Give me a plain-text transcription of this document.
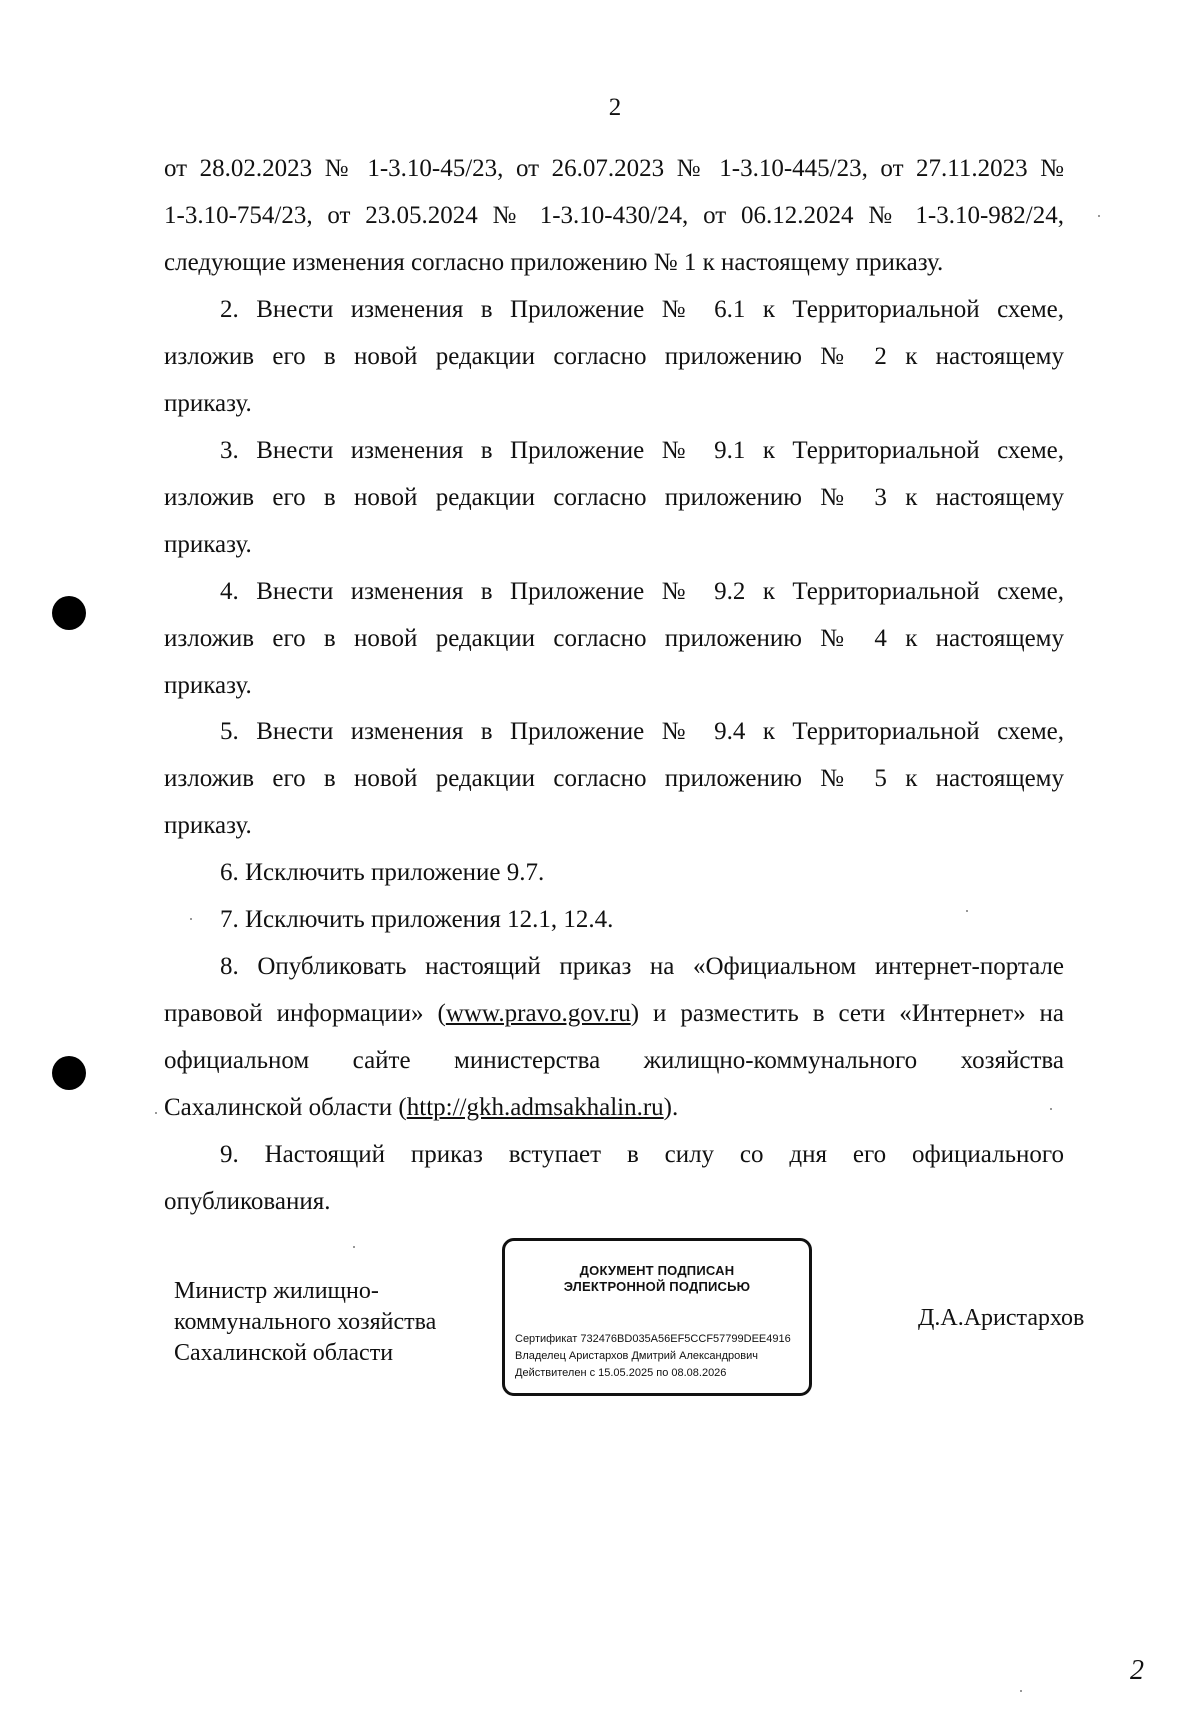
2
от 28.02.2023 № 1-3.10-45/23, от 26.07.2023 № 1-3.10-445/23, от 27.11.2023 №
1-3.10-754/23, от 23.05.2024 № 1-3.10-430/24, от 06.12.2024 № 1-3.10-982/24,
следующие изменения согласно приложению № 1 к настоящему приказу.
2. Внести изменения в Приложение № 6.1 к Территориальной схеме,
изложив его в новой редакции согласно приложению № 2 к настоящему
приказу.
3. Внести изменения в Приложение № 9.1 к Территориальной схеме,
изложив его в новой редакции согласно приложению № 3 к настоящему
приказу.
4. Внести изменения в Приложение № 9.2 к Территориальной схеме,
изложив его в новой редакции согласно приложению № 4 к настоящему
приказу.
5. Внести изменения в Приложение № 9.4 к Территориальной схеме,
изложив его в новой редакции согласно приложению № 5 к настоящему
приказу.
6. Исключить приложение 9.7.
7. Исключить приложения 12.1, 12.4.
8. Опубликовать настоящий приказ на «Официальном интернет-портале
правовой информации» (www.pravo.gov.ru) и разместить в сети «Интернет» на
официальном сайте министерства жилищно-коммунального хозяйства
Сахалинской области (http://gkh.admsakhalin.ru).
9. Настоящий приказ вступает в силу со дня его официального
опубликования.
Министр жилищно-
коммунального хозяйства
Сахалинской области
ДОКУМЕНТ ПОДПИСАН
ЭЛЕКТРОННОЙ ПОДПИСЬЮ
Сертификат 732476BD035A56EF5CCF57799DEE4916
Владелец Аристархов Дмитрий Александрович
Действителен с 15.05.2025 по 08.08.2026
Д.А.Аристархов
2
